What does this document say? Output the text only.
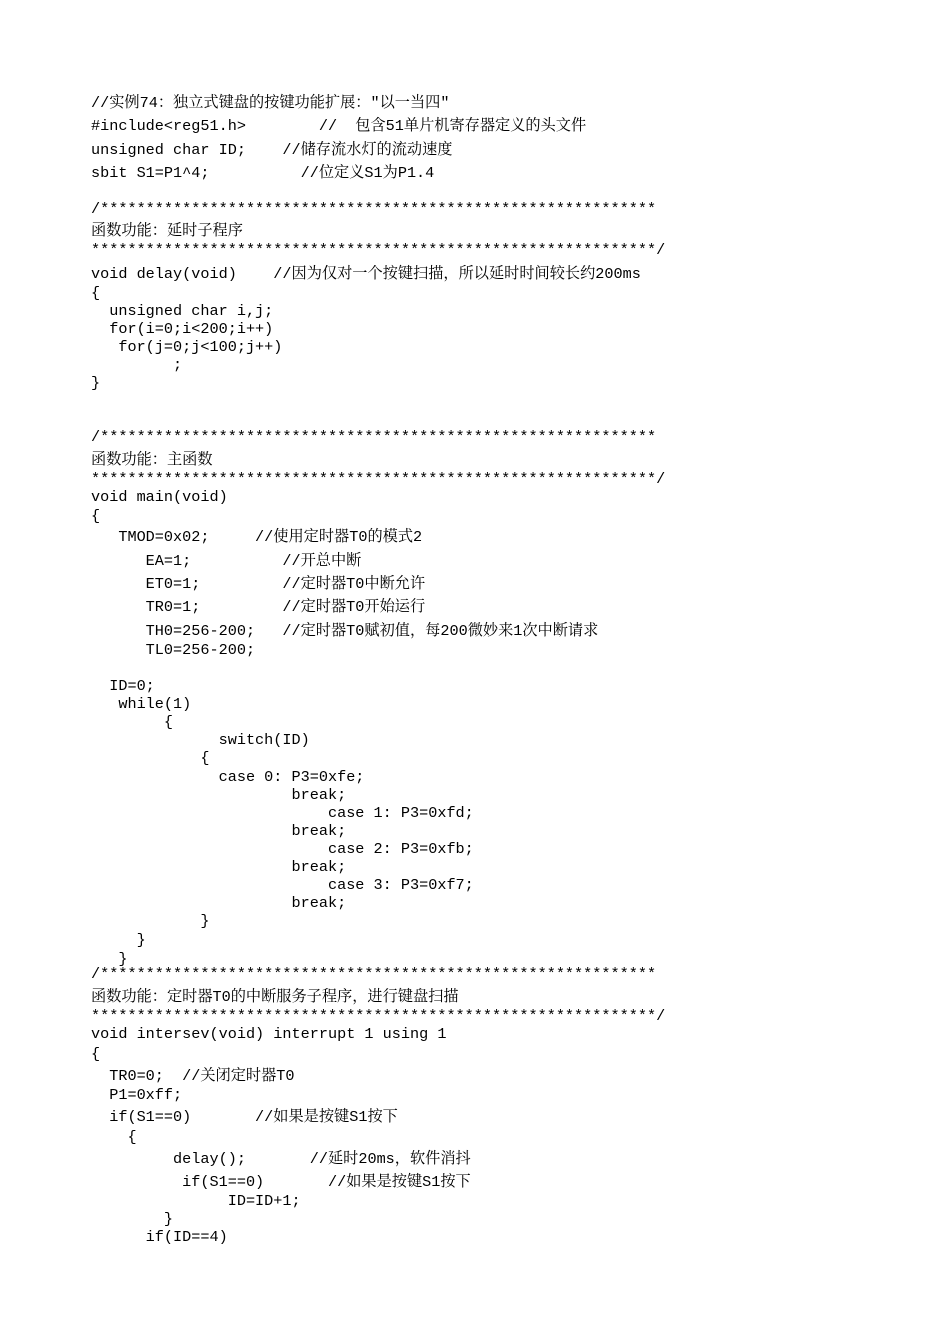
//实例74：独立式键盘的按键功能扩展："以一当四"
#include<reg51.h>        //  包含51单片机寄存器定义的头文件
unsigned char ID;    //储存流水灯的流动速度
sbit S1=P1^4;          //位定义S1为P1.4
/*************************************************************
函数功能：延时子程序
**************************************************************/
void delay(void)    //因为仅对一个按键扫描，所以延时时间较长约200ms
{
unsigned char i,j;
for(i=0;i<200;i++)
for(j=0;j<100;j++)
;
}
/*************************************************************
函数功能：主函数
**************************************************************/
void main(void)
{
TMOD=0x02;     //使用定时器T0的模式2
EA=1;          //开总中断
ET0=1;         //定时器T0中断允许
TR0=1;         //定时器T0开始运行
TH0=256-200;   //定时器T0赋初值，每200微妙来1次中断请求
TL0=256-200;
ID=0;
while(1)
{
switch(ID)
{
case 0: P3=0xfe;
break;
case 1: P3=0xfd;
break;
case 2: P3=0xfb;
break;
case 3: P3=0xf7;
break;
}
}
}
/*************************************************************
函数功能：定时器T0的中断服务子程序，进行键盘扫描
**************************************************************/
void intersev(void) interrupt 1 using 1
{
TR0=0;  //关闭定时器T0
P1=0xff;
if(S1==0)       //如果是按键S1按下
{
delay();       //延时20ms，软件消抖
if(S1==0)       //如果是按键S1按下
ID=ID+1;
}
if(ID==4)
